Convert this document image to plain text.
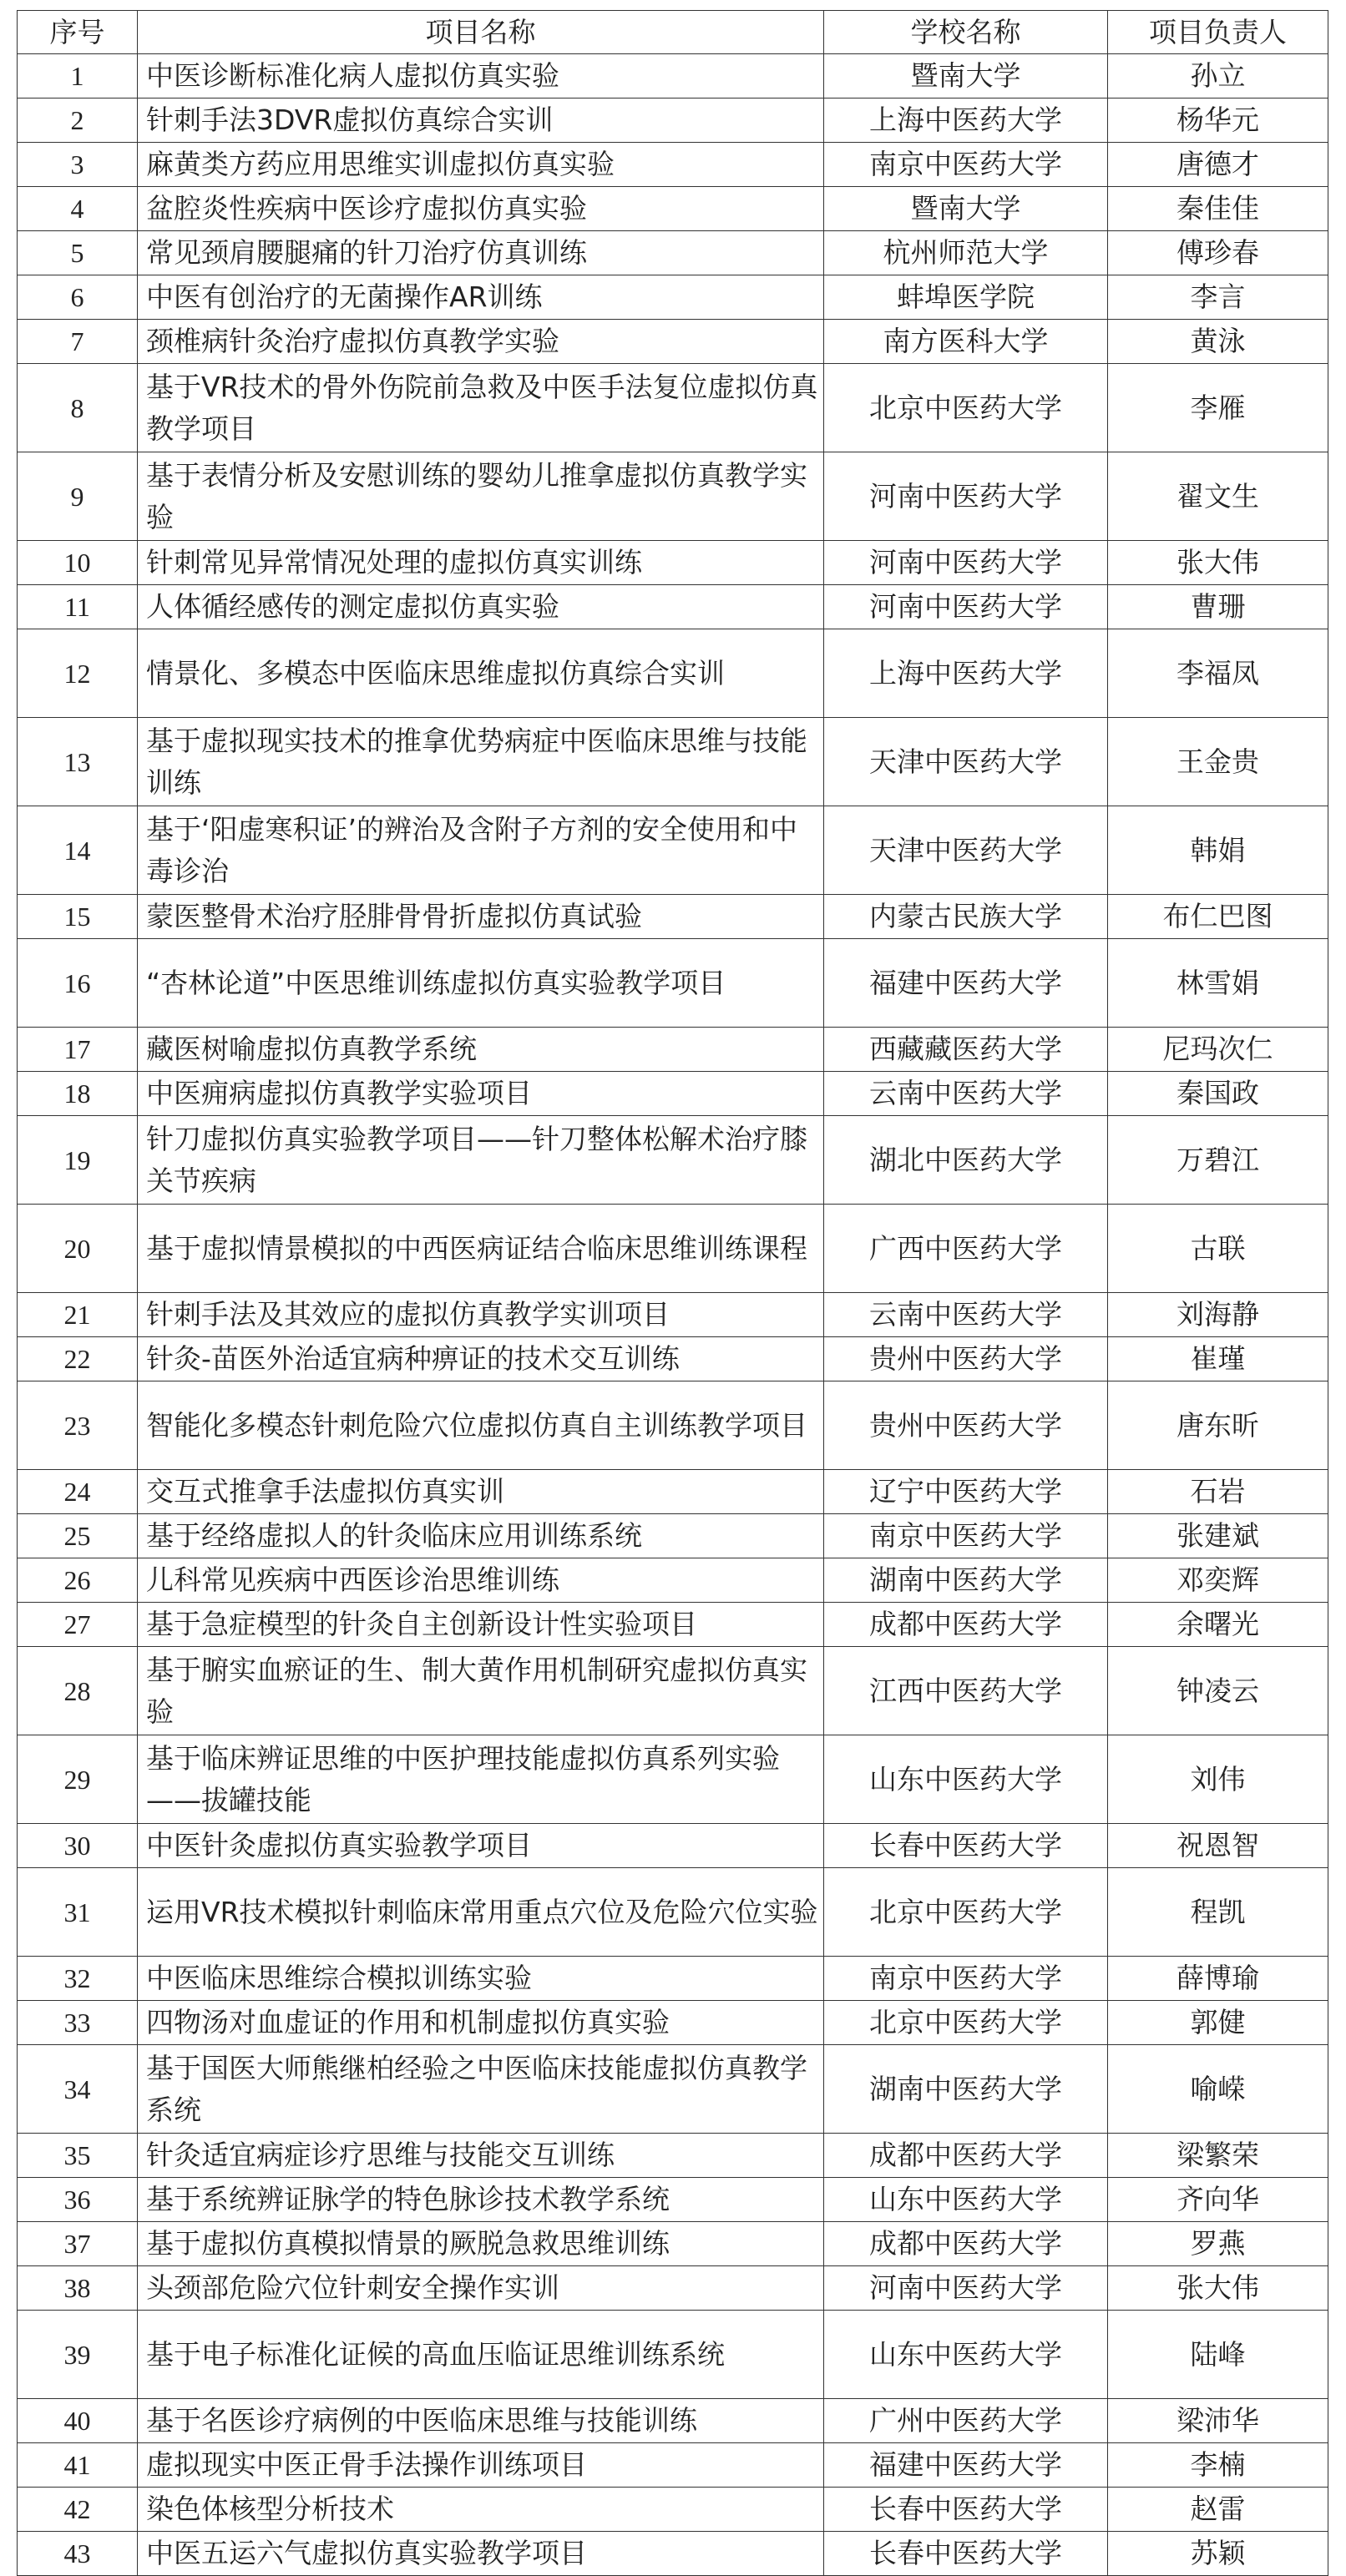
序号	项目名称	学校名称	项目负责人
1	中医诊断标准化病人虚拟仿真实验	暨南大学	孙立
2	针刺手法3DVR虚拟仿真综合实训	上海中医药大学	杨华元
3	麻黄类方药应用思维实训虚拟仿真实验	南京中医药大学	唐德才
4	盆腔炎性疾病中医诊疗虚拟仿真实验	暨南大学	秦佳佳
5	常见颈肩腰腿痛的针刀治疗仿真训练	杭州师范大学	傅珍春
6	中医有创治疗的无菌操作AR训练	蚌埠医学院	李言
7	颈椎病针灸治疗虚拟仿真教学实验	南方医科大学	黄泳
8	基于VR技术的骨外伤院前急救及中医手法复位虚拟仿真教学项目	北京中医药大学	李雁
9	基于表情分析及安慰训练的婴幼儿推拿虚拟仿真教学实验	河南中医药大学	翟文生
10	针刺常见异常情况处理的虚拟仿真实训练	河南中医药大学	张大伟
11	人体循经感传的测定虚拟仿真实验	河南中医药大学	曹珊
12	情景化、多模态中医临床思维虚拟仿真综合实训	上海中医药大学	李福凤
13	基于虚拟现实技术的推拿优势病症中医临床思维与技能训练	天津中医药大学	王金贵
14	基于‘阳虚寒积证’的辨治及含附子方剂的安全使用和中毒诊治	天津中医药大学	韩娟
15	蒙医整骨术治疗胫腓骨骨折虚拟仿真试验	内蒙古民族大学	布仁巴图
16	“杏林论道”中医思维训练虚拟仿真实验教学项目	福建中医药大学	林雪娟
17	藏医树喻虚拟仿真教学系统	西藏藏医药大学	尼玛次仁
18	中医痈病虚拟仿真教学实验项目	云南中医药大学	秦国政
19	针刀虚拟仿真实验教学项目——针刀整体松解术治疗膝关节疾病	湖北中医药大学	万碧江
20	基于虚拟情景模拟的中西医病证结合临床思维训练课程	广西中医药大学	古联
21	针刺手法及其效应的虚拟仿真教学实训项目	云南中医药大学	刘海静
22	针灸-苗医外治适宜病种痹证的技术交互训练	贵州中医药大学	崔瑾
23	智能化多模态针刺危险穴位虚拟仿真自主训练教学项目	贵州中医药大学	唐东昕
24	交互式推拿手法虚拟仿真实训	辽宁中医药大学	石岩
25	基于经络虚拟人的针灸临床应用训练系统	南京中医药大学	张建斌
26	儿科常见疾病中西医诊治思维训练	湖南中医药大学	邓奕辉
27	基于急症模型的针灸自主创新设计性实验项目	成都中医药大学	余曙光
28	基于腑实血瘀证的生、制大黄作用机制研究虚拟仿真实验	江西中医药大学	钟凌云
29	基于临床辨证思维的中医护理技能虚拟仿真系列实验——拔罐技能	山东中医药大学	刘伟
30	中医针灸虚拟仿真实验教学项目	长春中医药大学	祝恩智
31	运用VR技术模拟针刺临床常用重点穴位及危险穴位实验	北京中医药大学	程凯
32	中医临床思维综合模拟训练实验	南京中医药大学	薛博瑜
33	四物汤对血虚证的作用和机制虚拟仿真实验	北京中医药大学	郭健
34	基于国医大师熊继柏经验之中医临床技能虚拟仿真教学系统	湖南中医药大学	喻嵘
35	针灸适宜病症诊疗思维与技能交互训练	成都中医药大学	梁繁荣
36	基于系统辨证脉学的特色脉诊技术教学系统	山东中医药大学	齐向华
37	基于虚拟仿真模拟情景的厥脱急救思维训练	成都中医药大学	罗燕
38	头颈部危险穴位针刺安全操作实训	河南中医药大学	张大伟
39	基于电子标准化证候的高血压临证思维训练系统	山东中医药大学	陆峰
40	基于名医诊疗病例的中医临床思维与技能训练	广州中医药大学	梁沛华
41	虚拟现实中医正骨手法操作训练项目	福建中医药大学	李楠
42	染色体核型分析技术	长春中医药大学	赵雷
43	中医五运六气虚拟仿真实验教学项目	长春中医药大学	苏颖
